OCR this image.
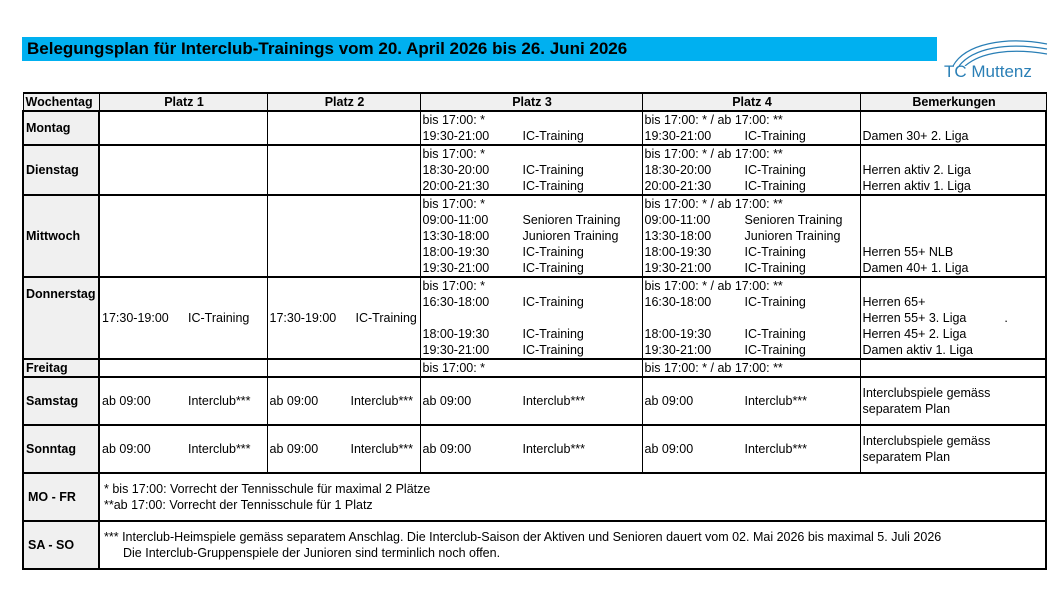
Belegungsplan für Interclub-Trainings vom 20. April 2026 bis 26. Juni 2026
TC Muttenz
Wochentag	Platz 1	Platz 2	Platz 3	Platz 4	Bemerkungen
Montag			bis 17:00: *	bis 17:00: * / ab 17:00: **	

			19:30-21:00 IC-Training	19:30-21:00 IC-Training	Damen 30+ 2. Liga
Dienstag			bis 17:00: *	bis 17:00: * / ab 17:00: **	

			18:30-20:00 IC-Training	18:30-20:00 IC-Training	Herren aktiv 2. Liga

			20:00-21:30 IC-Training	20:00-21:30 IC-Training	Herren aktiv 1. Liga
Mittwoch			bis 17:00: *	bis 17:00: * / ab 17:00: **	

			09:00-11:00 Senioren Training	09:00-11:00 Senioren Training	

			13:30-18:00 Junioren Training	13:30-18:00 Junioren Training	

			18:00-19:30 IC-Training	18:00-19:30 IC-Training	Herren 55+ NLB

			19:30-21:00 IC-Training	19:30-21:00 IC-Training	Damen 40+ 1. Liga
Donnerstag	17:30-19:00 IC-Training	17:30-19:00 IC-Training	bis 17:00: *	bis 17:00: * / ab 17:00: **	

			16:30-18:00 IC-Training	16:30-18:00 IC-Training	Herren 65+
					Herren 55+ 3. Liga .

			18:00-19:30 IC-Training	18:00-19:30 IC-Training	Herren 45+ 2. Liga

			19:30-21:00 IC-Training	19:30-21:00 IC-Training	Damen aktiv 1. Liga
Freitag			bis 17:00: *	bis 17:00: * / ab 17:00: **	

Samstag	ab 09:00 Interclub***	ab 09:00 Interclub***	ab 09:00 Interclub***	ab 09:00 Interclub***	Interclubspiele gemäss separatem Plan
Sonntag	ab 09:00 Interclub***	ab 09:00 Interclub***	ab 09:00 Interclub***	ab 09:00 Interclub***	Interclubspiele gemäss separatem Plan
MO - FR	* bis 17:00: Vorrecht der Tennisschule für maximal 2 Plätze
**ab 17:00: Vorrecht der Tennisschule für 1 Platz				

SA - SO	*** Interclub-Heimspiele gemäss separatem Anschlag. Die Interclub-Saison der Aktiven und Senioren dauert vom 02. Mai 2026 bis maximal 5. Juli 2026
Die Interclub-Gruppenspiele der Junioren sind terminlich noch offen.				
